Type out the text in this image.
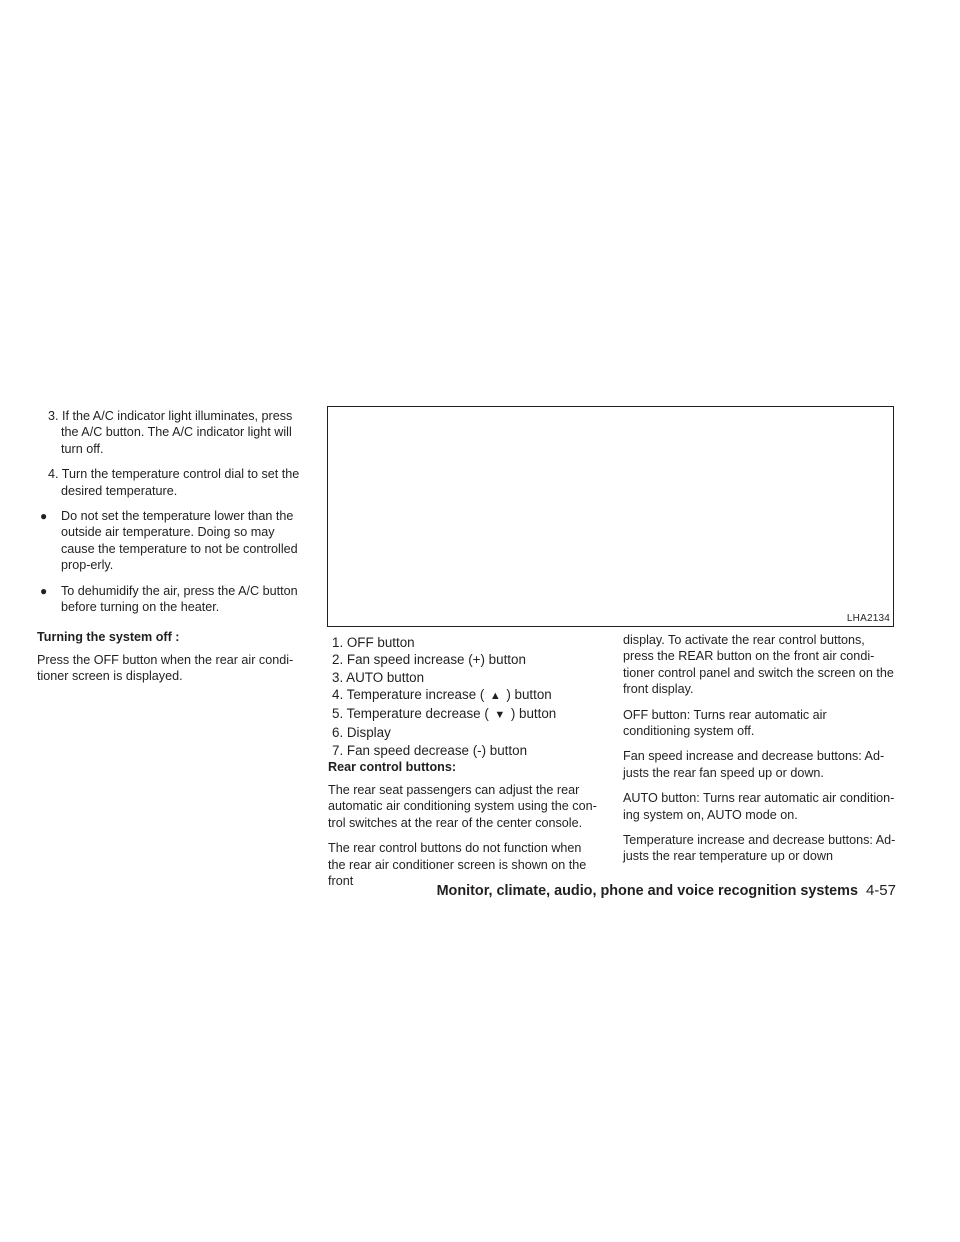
3. If the A/C indicator light illuminates, press the A/C button. The A/C indicator light will turn off.
4. Turn the temperature control dial to set the desired temperature.
● Do not set the temperature lower than the outside air temperature. Doing so may cause the temperature to not be controlled prop-erly.
● To dehumidify the air, press the A/C button before turning on the heater.
Turning the system off :

Press the OFF button when the rear air condi-tioner screen is displayed.

LHA2134
1. OFF button
2. Fan speed increase (+) button
3. AUTO button
4. Temperature increase ( ▲ ) button
5. Temperature decrease ( ▼ ) button
6. Display
7. Fan speed decrease (-) button
Rear control buttons:

The rear seat passengers can adjust the rear automatic air conditioning system using the con-trol switches at the rear of the center console.

The rear control buttons do not function when the rear air conditioner screen is shown on the front

display. To activate the rear control buttons, press the REAR button on the front air condi-tioner control panel and switch the screen on the front display.

OFF button: Turns rear automatic air conditioning system off.

Fan speed increase and decrease buttons: Ad-justs the rear fan speed up or down.

AUTO button: Turns rear automatic air condition-ing system on, AUTO mode on.

Temperature increase and decrease buttons: Ad-justs the rear temperature up or down

Monitor, climate, audio, phone and voice recognition systems 4-57
